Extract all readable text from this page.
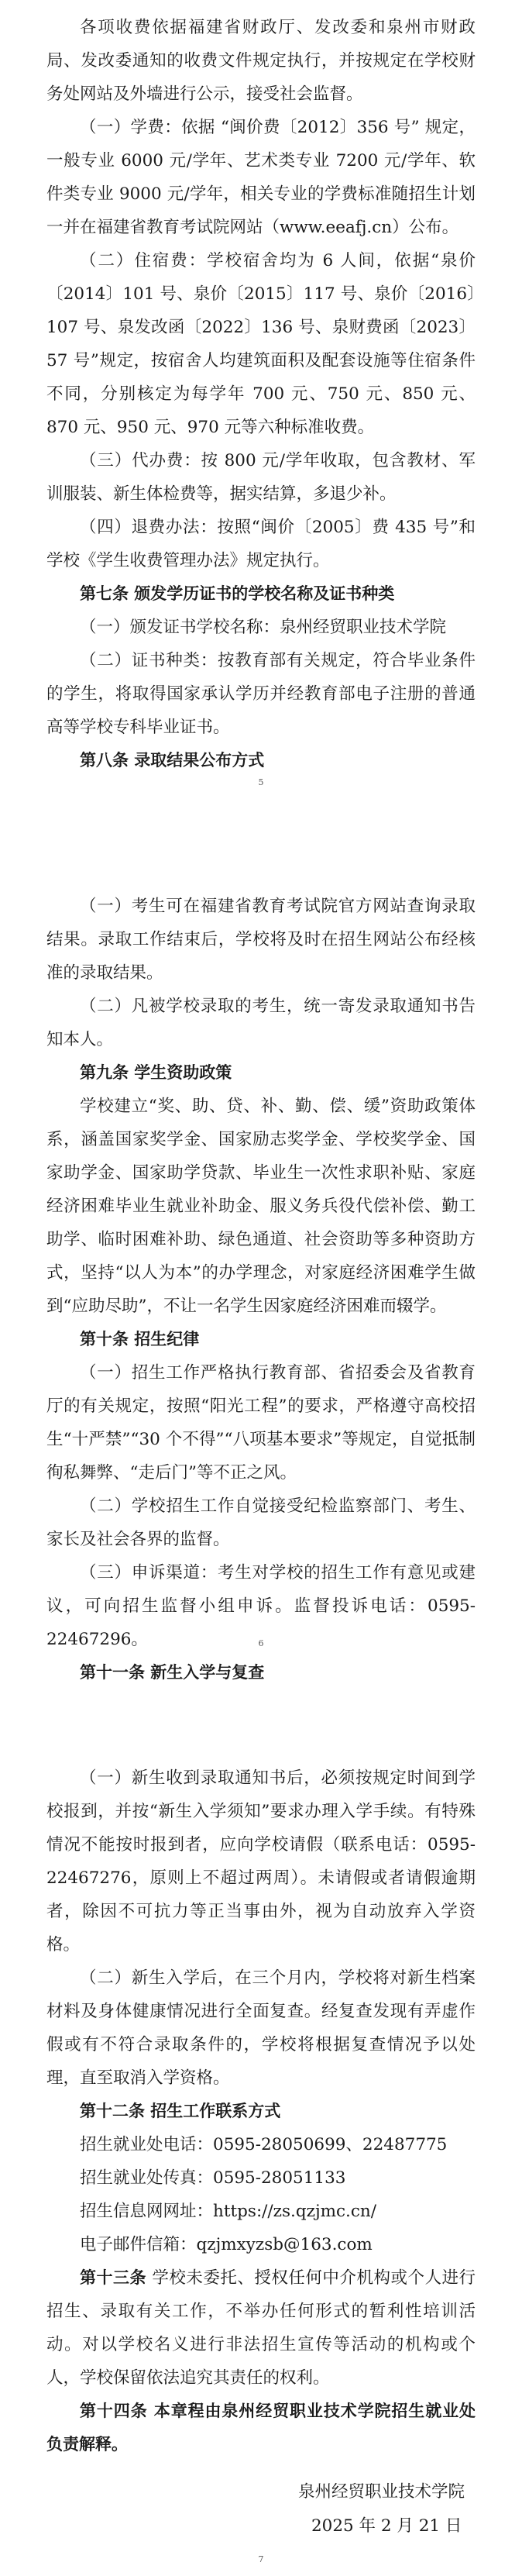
各项收费依据福建省财政厅、发改委和泉州市财政局、发改委通知的收费文件规定执行，并按规定在学校财务处网站及外墙进行公示，接受社会监督。

（一）学费：依据 “闽价费〔2012〕356 号” 规定，一般专业 6000 元/学年、艺术类专业 7200 元/学年、软件类专业 9000 元/学年，相关专业的学费标准随招生计划一并在福建省教育考试院网站（www.eeafj.cn）公布。

（二）住宿费：学校宿舍均为 6 人间，依据“泉价〔2014〕101 号、泉价〔2015〕117 号、泉价〔2016〕107 号、泉发改函〔2022〕136 号、泉财费函〔2023〕57 号”规定，按宿舍人均建筑面积及配套设施等住宿条件不同，分别核定为每学年 700 元、750 元、850 元、870 元、950 元、970 元等六种标准收费。

（三）代办费：按 800 元/学年收取，包含教材、军训服装、新生体检费等，据实结算，多退少补。

（四）退费办法：按照“闽价〔2005〕费 435 号”和学校《学生收费管理办法》规定执行。

第七条 颁发学历证书的学校名称及证书种类

（一）颁发证书学校名称：泉州经贸职业技术学院

（二）证书种类：按教育部有关规定，符合毕业条件的学生，将取得国家承认学历并经教育部电子注册的普通高等学校专科毕业证书。

第八条 录取结果公布方式

5

（一）考生可在福建省教育考试院官方网站查询录取结果。录取工作结束后，学校将及时在招生网站公布经核准的录取结果。

（二）凡被学校录取的考生，统一寄发录取通知书告知本人。

第九条 学生资助政策

学校建立“奖、助、贷、补、勤、偿、缓”资助政策体系，涵盖国家奖学金、国家励志奖学金、学校奖学金、国家助学金、国家助学贷款、毕业生一次性求职补贴、家庭经济困难毕业生就业补助金、服义务兵役代偿补偿、勤工助学、临时困难补助、绿色通道、社会资助等多种资助方式，坚持“以人为本”的办学理念，对家庭经济困难学生做到“应助尽助”，不让一名学生因家庭经济困难而辍学。

第十条 招生纪律

（一）招生工作严格执行教育部、省招委会及省教育厅的有关规定，按照“阳光工程”的要求，严格遵守高校招生“十严禁”“30 个不得”“八项基本要求”等规定，自觉抵制徇私舞弊、“走后门”等不正之风。

（二）学校招生工作自觉接受纪检监察部门、考生、家长及社会各界的监督。

（三）申诉渠道：考生对学校的招生工作有意见或建议，可向招生监督小组申诉。监督投诉电话：0595-22467296。

第十一条 新生入学与复查

6

（一）新生收到录取通知书后，必须按规定时间到学校报到，并按“新生入学须知”要求办理入学手续。有特殊情况不能按时报到者，应向学校请假（联系电话：0595-22467276，原则上不超过两周）。未请假或者请假逾期者，除因不可抗力等正当事由外，视为自动放弃入学资格。

（二）新生入学后，在三个月内，学校将对新生档案材料及身体健康情况进行全面复查。经复查发现有弄虚作假或有不符合录取条件的，学校将根据复查情况予以处理，直至取消入学资格。

第十二条 招生工作联系方式

招生就业处电话：0595-28050699、22487775

招生就业处传真：0595-28051133

招生信息网网址：https://zs.qzjmc.cn/

电子邮件信箱：qzjmxyzsb@163.com

第十三条 学校未委托、授权任何中介机构或个人进行招生、录取有关工作，不举办任何形式的暂利性培训活动。对以学校名义进行非法招生宣传等活动的机构或个人，学校保留依法追究其责任的权利。

第十四条 本章程由泉州经贸职业技术学院招生就业处负责解释。

泉州经贸职业技术学院
2025 年 2 月 21 日
7
